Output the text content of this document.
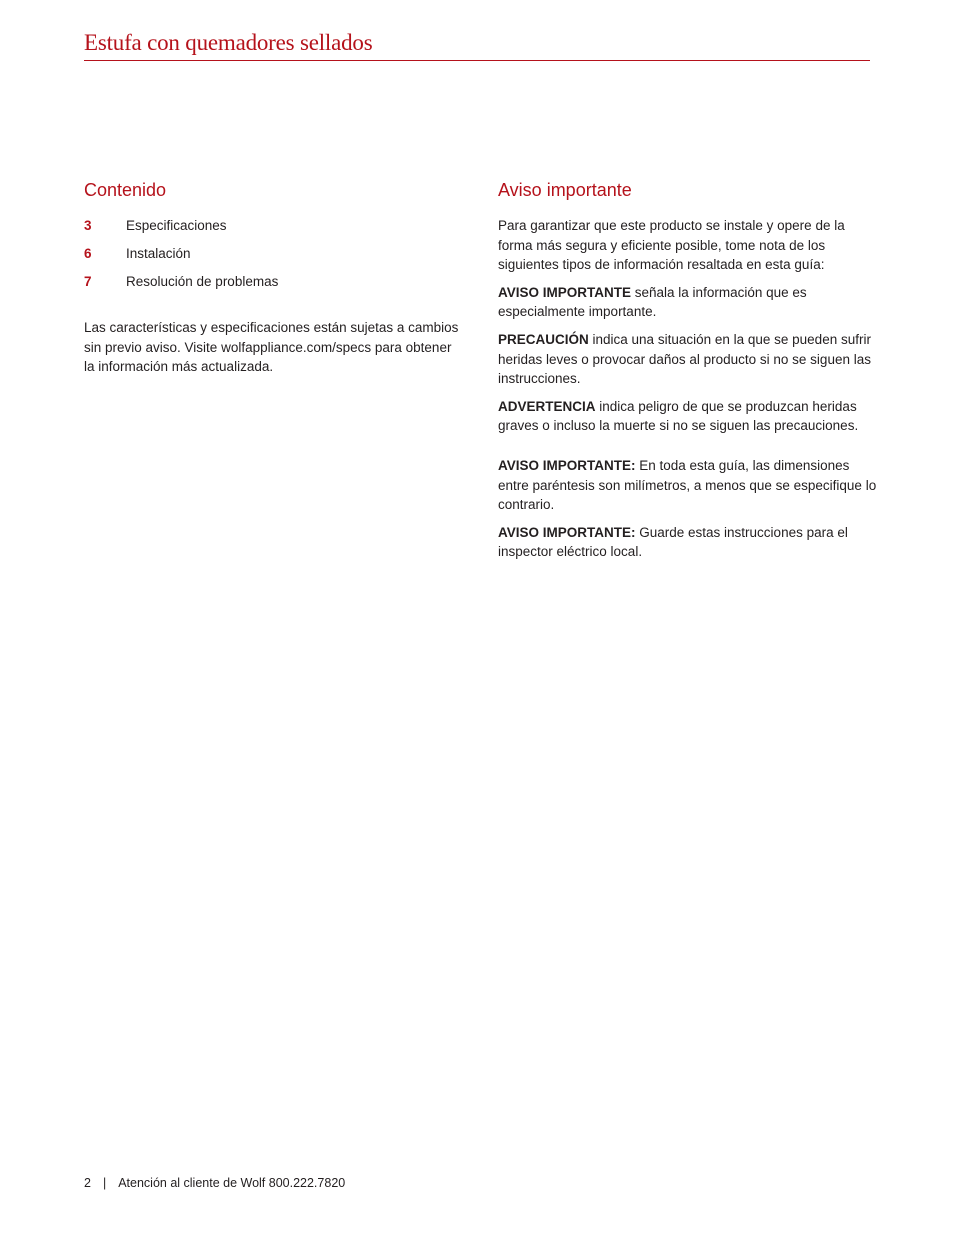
Estufa con quemadores sellados
Contenido
3	Especificaciones
6	Instalación
7	Resolución de problemas

Las características y especificaciones están sujetas a cambios sin previo aviso. Visite wolfappliance.com/specs para obtener la información más actualizada.

Aviso importante

Para garantizar que este producto se instale y opere de la forma más segura y eficiente posible, tome nota de los siguientes tipos de información resaltada en esta guía:

AVISO IMPORTANTE señala la información que es especialmente importante.

PRECAUCIÓN indica una situación en la que se pueden sufrir heridas leves o provocar daños al producto si no se siguen las instrucciones.

ADVERTENCIA indica peligro de que se produzcan heridas graves o incluso la muerte si no se siguen las precauciones.

AVISO IMPORTANTE: En toda esta guía, las dimensiones entre paréntesis son milímetros, a menos que se especifique lo contrario.

AVISO IMPORTANTE: Guarde estas instrucciones para el inspector eléctrico local.

2 | Atención al cliente de Wolf 800.222.7820
